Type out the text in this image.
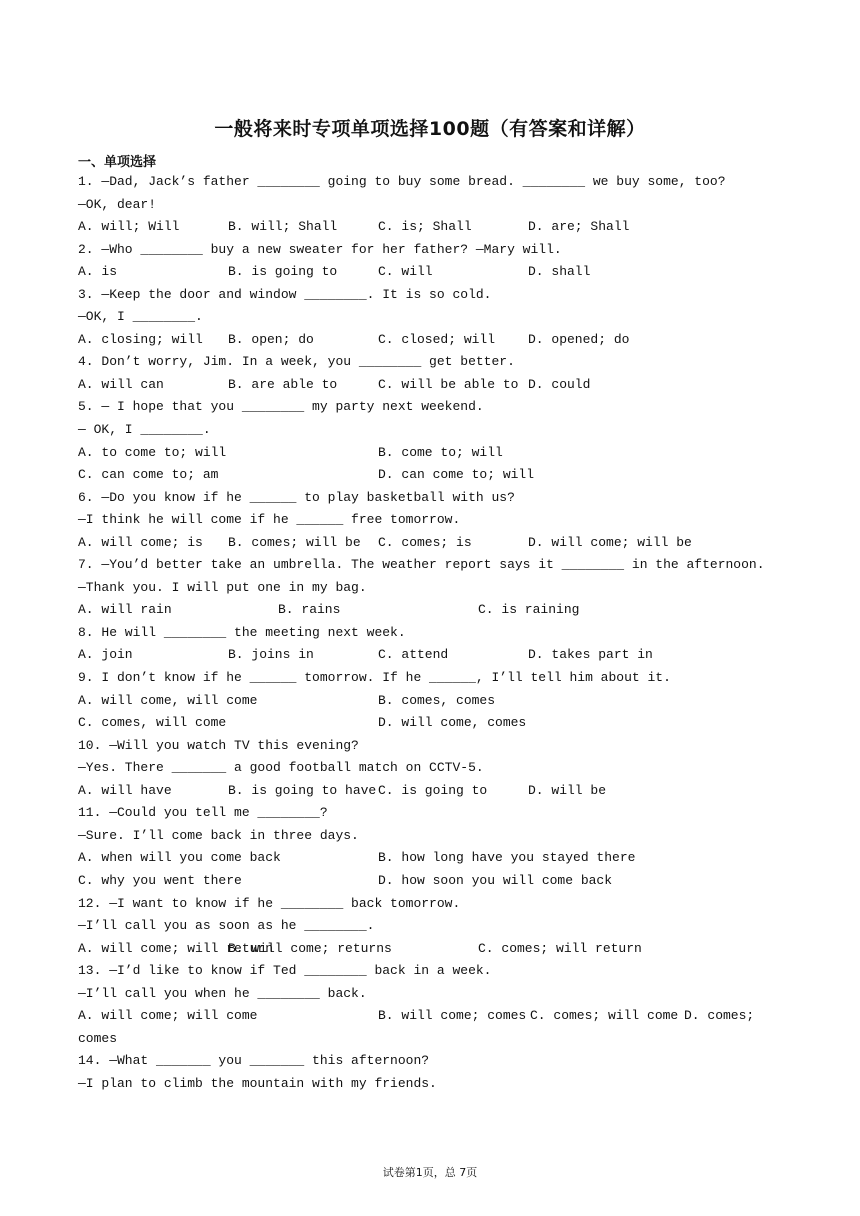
一般将来时专项单项选择100题（有答案和详解）
一、单项选择
1. —Dad, Jack’s father ________ going to buy some bread. ________ we buy some, too?
—OK, dear!
A. will; Will	B. will; Shall	C. is; Shall	D. are; Shall
2. —Who ________ buy a new sweater for her father? —Mary will.
A. is	B. is going to	C. will	D. shall
3. —Keep the door and window ________. It is so cold.
—OK, I ________.
A. closing; will B. open; do	C. closed; will	D. opened; do
4. Don’t worry, Jim. In a week, you ________ get better.
A. will can	B. are able to	C. will be able to D. could
5. — I hope that you ________ my party next weekend.
— OK, I ________.
A. to come to; will	B. come to; will
C. can come to; am	D. can come to; will
6. —Do you know if he ______ to play basketball with us?
—I think he will come if he ______ free tomorrow.
A. will come; is B. comes; will be C. comes; is	D. will come; will be
7. —You’d better take an umbrella. The weather report says it ________ in the afternoon.
—Thank you. I will put one in my bag.
A. will rain	B. rains	C. is raining
8. He will ________ the meeting next week.
A. join	B. joins in	C. attend	D. takes part in
9. I don’t know if he ______ tomorrow. If he ______, I’ll tell him about it.
A. will come, will come	B. comes, comes
C. comes, will come	D. will come, comes
10. —Will you watch TV this evening?
—Yes. There _______ a good football match on CCTV-5.
A. will have	B. is going to have C. is going to	D. will be
11. —Could you tell me ________?
—Sure. I’ll come back in three days.
A. when will you come back	B. how long have you stayed there
C. why you went there	D. how soon you will come back
12. —I want to know if he ________ back tomorrow.
—I’ll call you as soon as he ________.
A. will come; will return
B. will come; returns	C. comes; will return
13. —I’d like to know if Ted ________ back in a week.
—I’ll call you when he ________ back.
A. will come; will come	B. will come; comes C. comes; will come D. comes;
comes
14. —What _______ you _______ this afternoon?
—I plan to climb the mountain with my friends.
试卷第1页，总 7页
